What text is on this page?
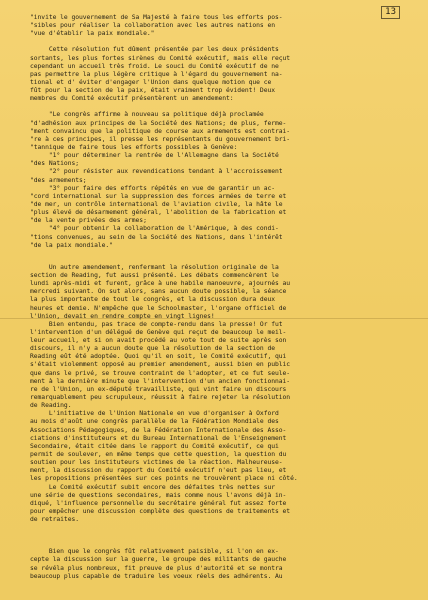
13
"invite le gouvernement de Sa Majesté à faire tous les efforts pos-
"sibles pour réaliser la collaboration avec les autres nations en
"vue d'établir la paix mondiale."
Cette résolution fut dûment présentée par les deux présidents
sortants, les plus fortes sirènes du Comité exécutif, mais elle reçut
cependant un accueil très froid. Le souci du Comité exécutif de ne
pas permettre la plus légère critique à l'égard du gouvernement na-
tional et d' éviter d'engager l'Union dans quelque motion que ce
fût pour la section de la paix, était vraiment trop évident! Deux
membres du Comité exécutif présentèrent un amendement:
"Le congrès affirme à nouveau sa politique déjà proclamée
"d'adhésion aux principes de la Société des Nations; de plus, ferme-
"ment convaincu que la politique de course aux armements est contrai-
"re à ces principes, il presse les représentants du gouvernement bri-
"tannique de faire tous les efforts possibles à Genève:
"1° pour déterminer la rentrée de l'Allemagne dans la Société
"des Nations;
"2° pour résister aux revendications tendant à l'accroissement
"des armements;
"3° pour faire des efforts répétés en vue de garantir un ac-
"cord international sur la suppression des forces armées de terre et
"de mer, un contrôle international de l'aviation civile, la hâte le
"plus élevé de désarmement général, l'abolition de la fabrication et
"de la vente privées des armes;
"4° pour obtenir la collaboration de l'Amérique, à des condi-
"tions convenues, au sein de la Société des Nations, dans l'intérêt
"de la paix mondiale."
Un autre amendement, renfermant la résolution originale de la
section de Reading, fut aussi présenté. Les débats commencèrent le
lundi après-midi et furent, grâce à une habile manoeuvre, ajournés au
mercredi suivant. On sut alors, sans aucun doute possible, la séance
la plus importante de tout le congrès, et la discussion dura deux
heures et demie. N'empêche que le Schoolmaster, l'organe officiel de
l'Union, devait en rendre compte en vingt lignes!
Bien entendu, pas trace de compte-rendu dans la presse! Or fut
l'intervention d'un délégué de Genève qui reçut de beaucoup le meil-
leur accueil, et si on avait procédé au vote tout de suite après son
discours, il n'y a aucun doute que la résolution de la section de
Reading eût été adoptée. Quoi qu'il en soit, le Comité exécutif, qui
s'était violemment opposé au premier amendement, aussi bien en public
que dans le privé, se trouve contraint de l'adopter, et ce fut seule-
ment à la dernière minute que l'intervention d'un ancien fonctionnai-
re de l'Union, un ex-député travailliste, qui vint faire un discours
remarquablement peu scrupuleux, réussit à faire rejeter la résolution
de Reading.
L'initiative de l'Union Nationale en vue d'organiser à Oxford
au mois d'août une congrès parallèle de la Fédération Mondiale des
Associations Pédagogiques, de la Fédération Internationale des Asso-
ciations d'instituteurs et du Bureau International de l'Enseignement
Secondaire, était citée dans le rapport du Comité exécutif, ce qui
permit de soulever, en même temps que cette question, la question du
soutien pour les instituteurs victimes de la réaction. Malheureuse-
ment, la discussion du rapport du Comité exécutif n'eut pas lieu, et
les propositions présentées sur ces points ne trouvèrent place ni côté.
Le Comité exécutif subit encore des défaites très nettes sur
une série de questions secondaires, mais comme nous l'avons déjà in-
diqué, l'influence personnelle du secrétaire général fut assez forte
pour empêcher une discussion complète des questions de traitements et
de retraites.
Bien que le congrès fût relativement paisible, si l'on en ex-
cepte la discussion sur la guerre, le groupe des militants de gauche
se révéla plus nombreux, fit preuve de plus d'autorité et se montra
beaucoup plus capable de traduire les voeux réels des adhérents. Au
